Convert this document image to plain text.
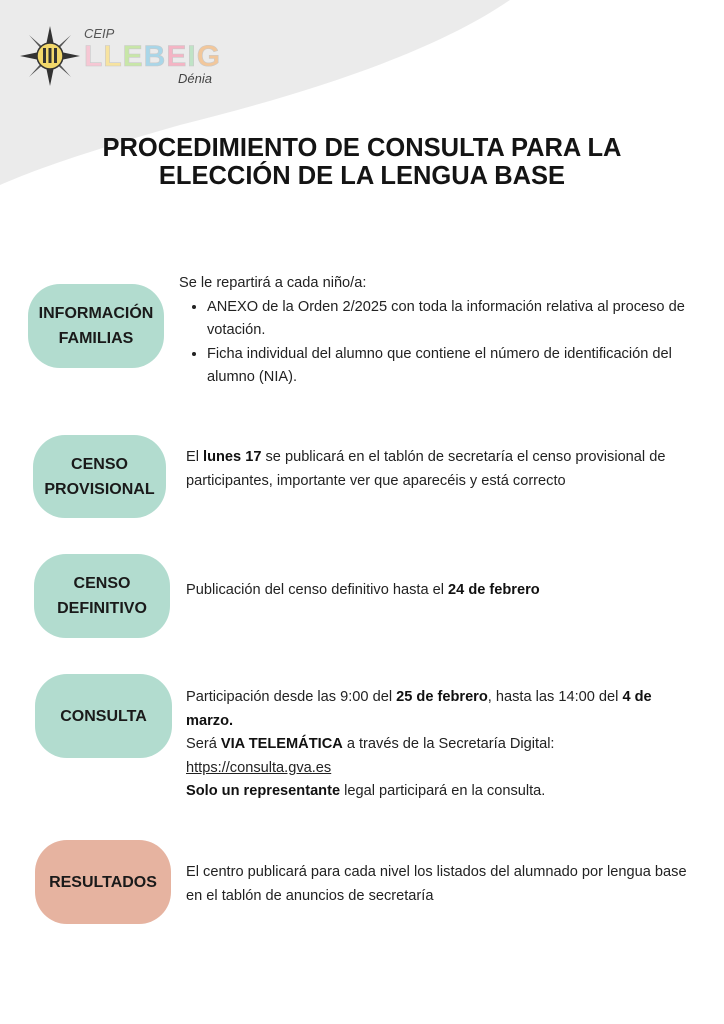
CEIP
LLEBEIG
Dénia
PROCEDIMIENTO DE CONSULTA PARA LA
ELECCIÓN DE LA LENGUA BASE
INFORMACIÓN
FAMILIAS
Se le repartirá a cada niño/a:
• ANEXO de la Orden 2/2025 con toda la información relativa al proceso de votación.
• Ficha individual del alumno que contiene el número de identificación del alumno (NIA).
CENSO
PROVISIONAL
El lunes 17 se publicará en el tablón de secretaría el censo provisional de participantes, importante ver que aparecéis y está correcto
CENSO
DEFINITIVO
Publicación del censo definitivo hasta el 24 de febrero
CONSULTA
Participación desde las 9:00 del 25 de febrero, hasta las 14:00 del 4 de marzo.
Será VIA TELEMÁTICA a través de la Secretaría Digital:
https://consulta.gva.es
Solo un representante legal participará en la consulta.
RESULTADOS
El centro publicará para cada nivel los listados del alumnado por lengua base en el tablón de anuncios de secretaría
